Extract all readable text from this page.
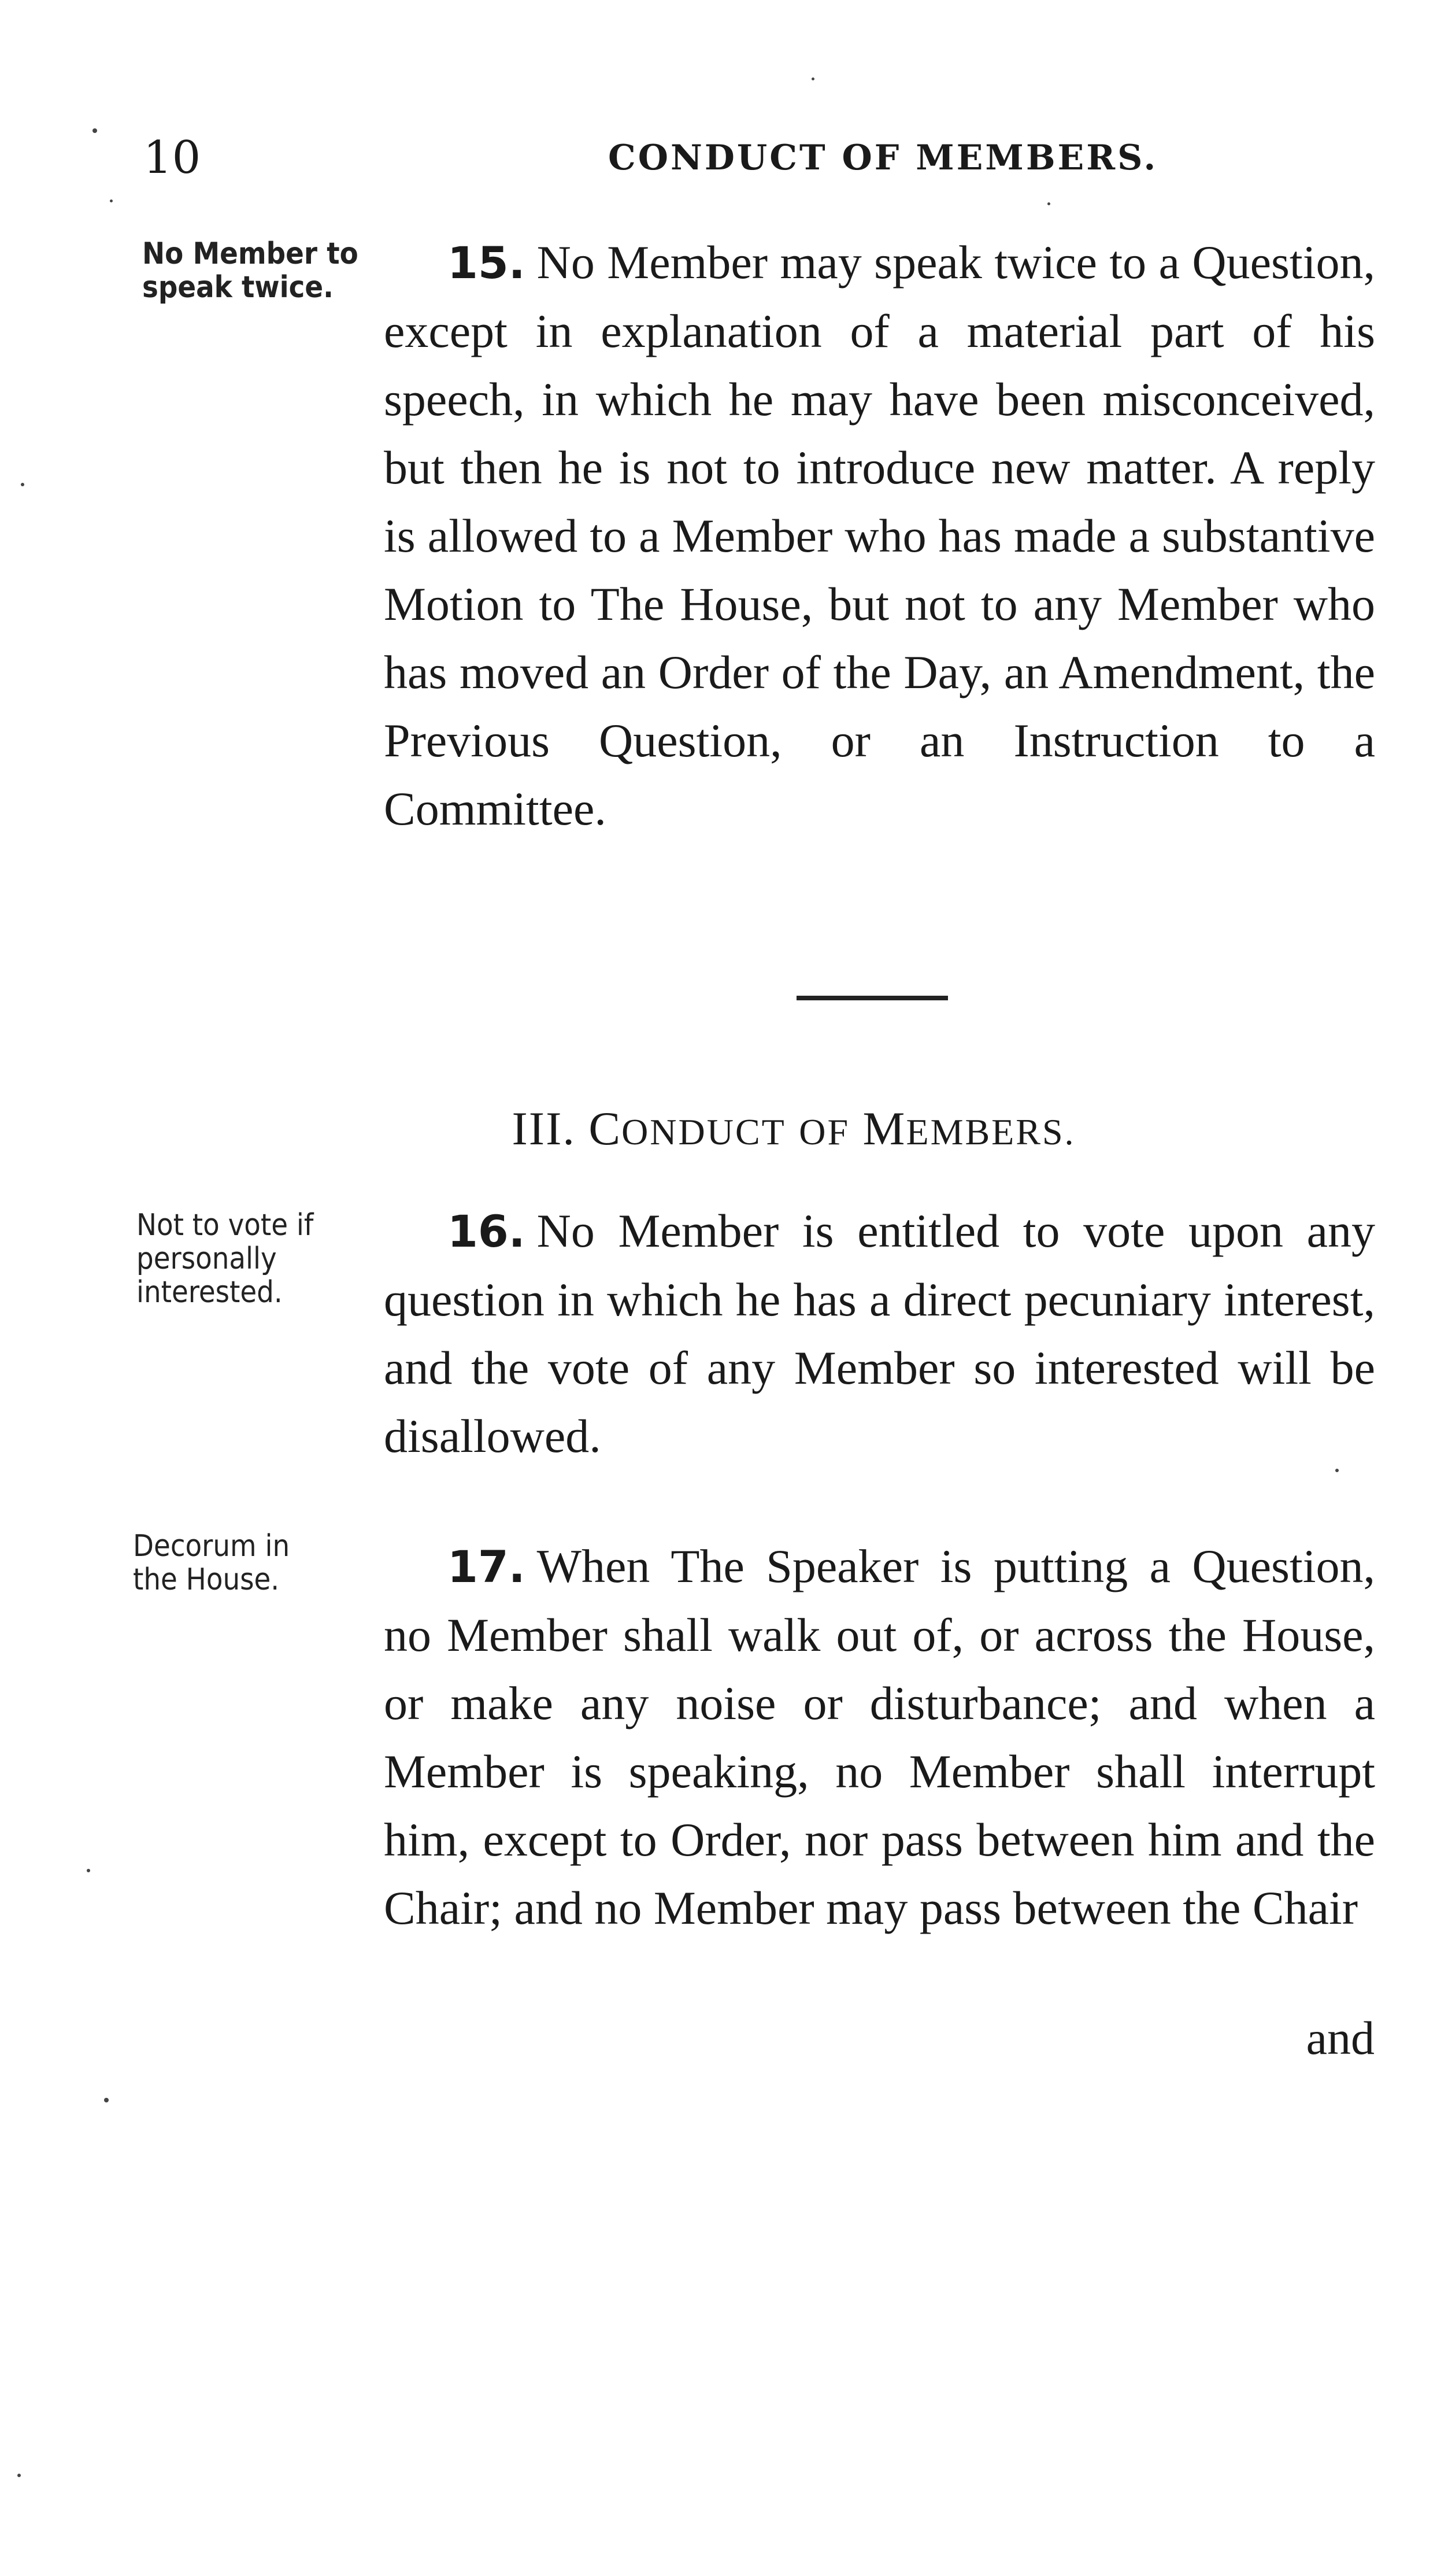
10	CONDUCT OF MEMBERS.
No Member to
speak twice.
Not to vote if
personally
interested.
Decorum in
the House.
15. No Member may speak twice to a Question, except in explanation of a material part of his speech, in which he may have been misconceived, but then he is not to introduce new matter. A reply is allowed to a Member who has made a substantive Motion to The House, but not to any Member who has moved an Order of the Day, an Amendment, the Previous Question, or an Instruction to a Committee.
III. CONDUCT OF MEMBERS.
16. No Member is entitled to vote upon any question in which he has a direct pecuniary interest, and the vote of any Member so interested will be disallowed.
17. When The Speaker is putting a Question, no Member shall walk out of, or across the House, or make any noise or disturbance; and when a Member is speaking, no Member shall interrupt him, except to Order, nor pass between him and the Chair; and no Member may pass between the Chair
and
